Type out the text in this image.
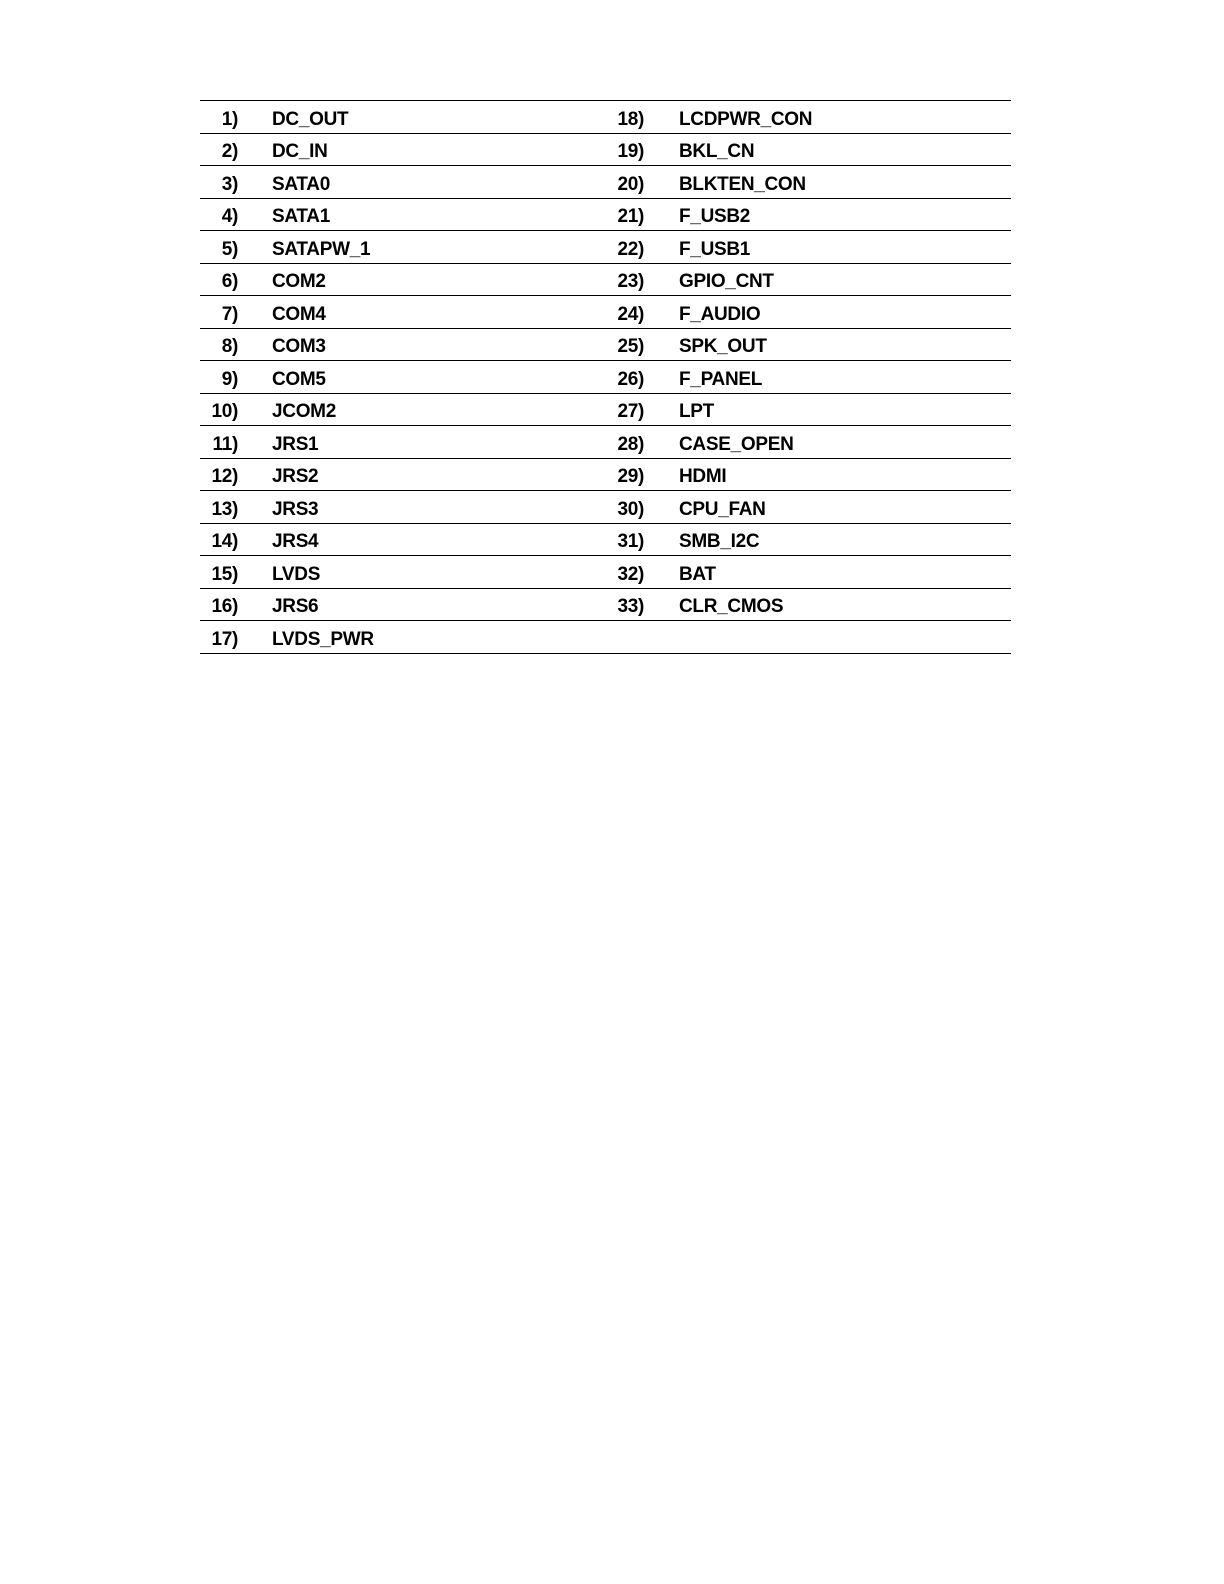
1)		DC_OUT	18)		LCDPWR_CON
2)		DC_IN	19)		BKL_CN
3)		SATA0	20)		BLKTEN_CON
4)		SATA1	21)		F_USB2
5)		SATAPW_1	22)		F_USB1
6)		COM2	23)		GPIO_CNT
7)		COM4	24)		F_AUDIO
8)		COM3	25)		SPK_OUT
9)		COM5	26)		F_PANEL
10)		JCOM2	27)		LPT
11)		JRS1	28)		CASE_OPEN
12)		JRS2	29)		HDMI
13)		JRS3	30)		CPU_FAN
14)		JRS4	31)		SMB_I2C
15)		LVDS	32)		BAT
16)		JRS6	33)		CLR_CMOS
17)		LVDS_PWR			
